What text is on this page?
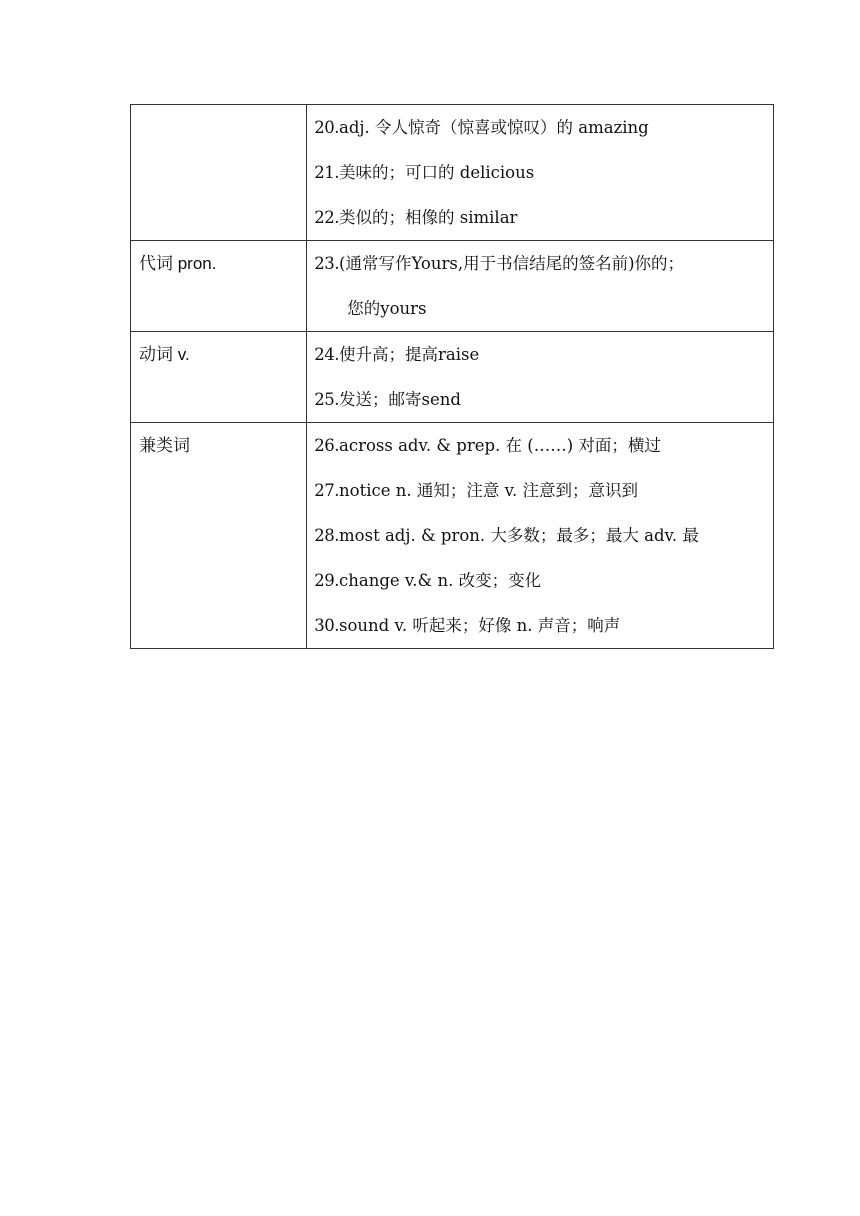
	20.adj. 令人惊奇（惊喜或惊叹）的 amazing
21.美味的；可口的 delicious
22.类似的；相像的 similar

代词 pron.	23.(通常写作Yours,用于书信结尾的签名前)你的；
您的yours

动词 v.	24.使升高；提高raise
25.发送；邮寄send

兼类词	26.across adv. & prep. 在 (……) 对面；横过
27.notice n. 通知；注意 v. 注意到；意识到
28.most adj. & pron. 大多数；最多；最大 adv. 最
29.change v.& n. 改变；变化
30.sound v. 听起来；好像 n. 声音；响声
